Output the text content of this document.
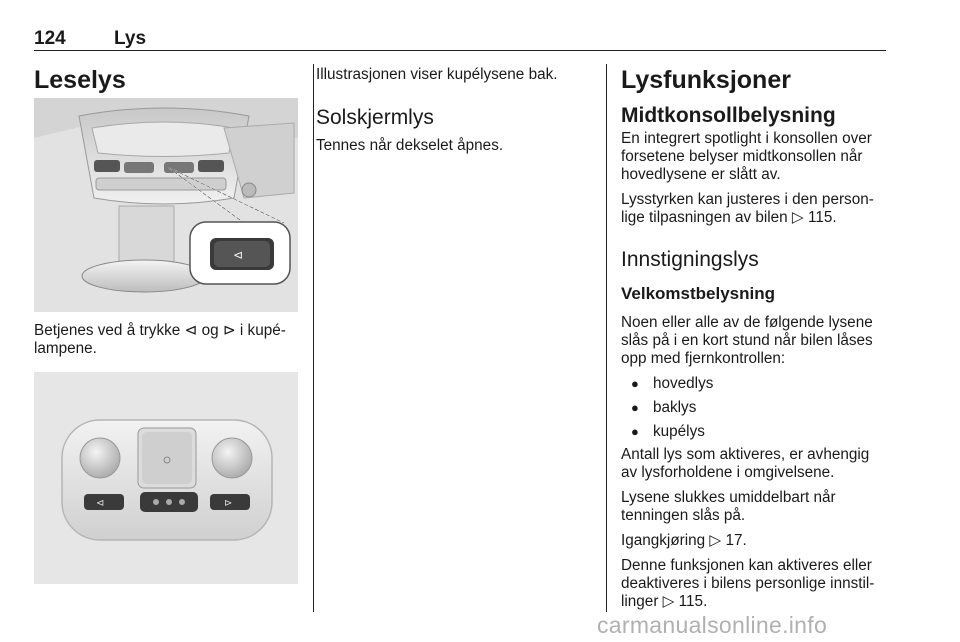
124	Lys
Leselys
⊲

Betjenes ved å trykke ⊲ og ⊳ i kupé-

lampene.

⊲	⊳

Illustrasjonen viser kupélysene bak.

Solskjermlys

Tennes når dekselet åpnes.

Lysfunksjoner
Midtkonsollbelysning

En integrert spotlight i konsollen over

forsetene belyser midtkonsollen når

hovedlysene er slått av.

Lysstyrken kan justeres i den person-

lige tilpasningen av bilen ▷ 115.

Innstigningslys
Velkomstbelysning

Noen eller alle av de følgende lysene

slås på i en kort stund når bilen låses

opp med fjernkontrollen:

● hovedlys
● baklys
● kupélys

Antall lys som aktiveres, er avhengig

av lysforholdene i omgivelsene.

Lysene slukkes umiddelbart når

tenningen slås på.

Igangkjøring ▷ 17.

Denne funksjonen kan aktiveres eller

deaktiveres i bilens personlige innstil-

linger ▷ 115.

carmanualsonline.info
